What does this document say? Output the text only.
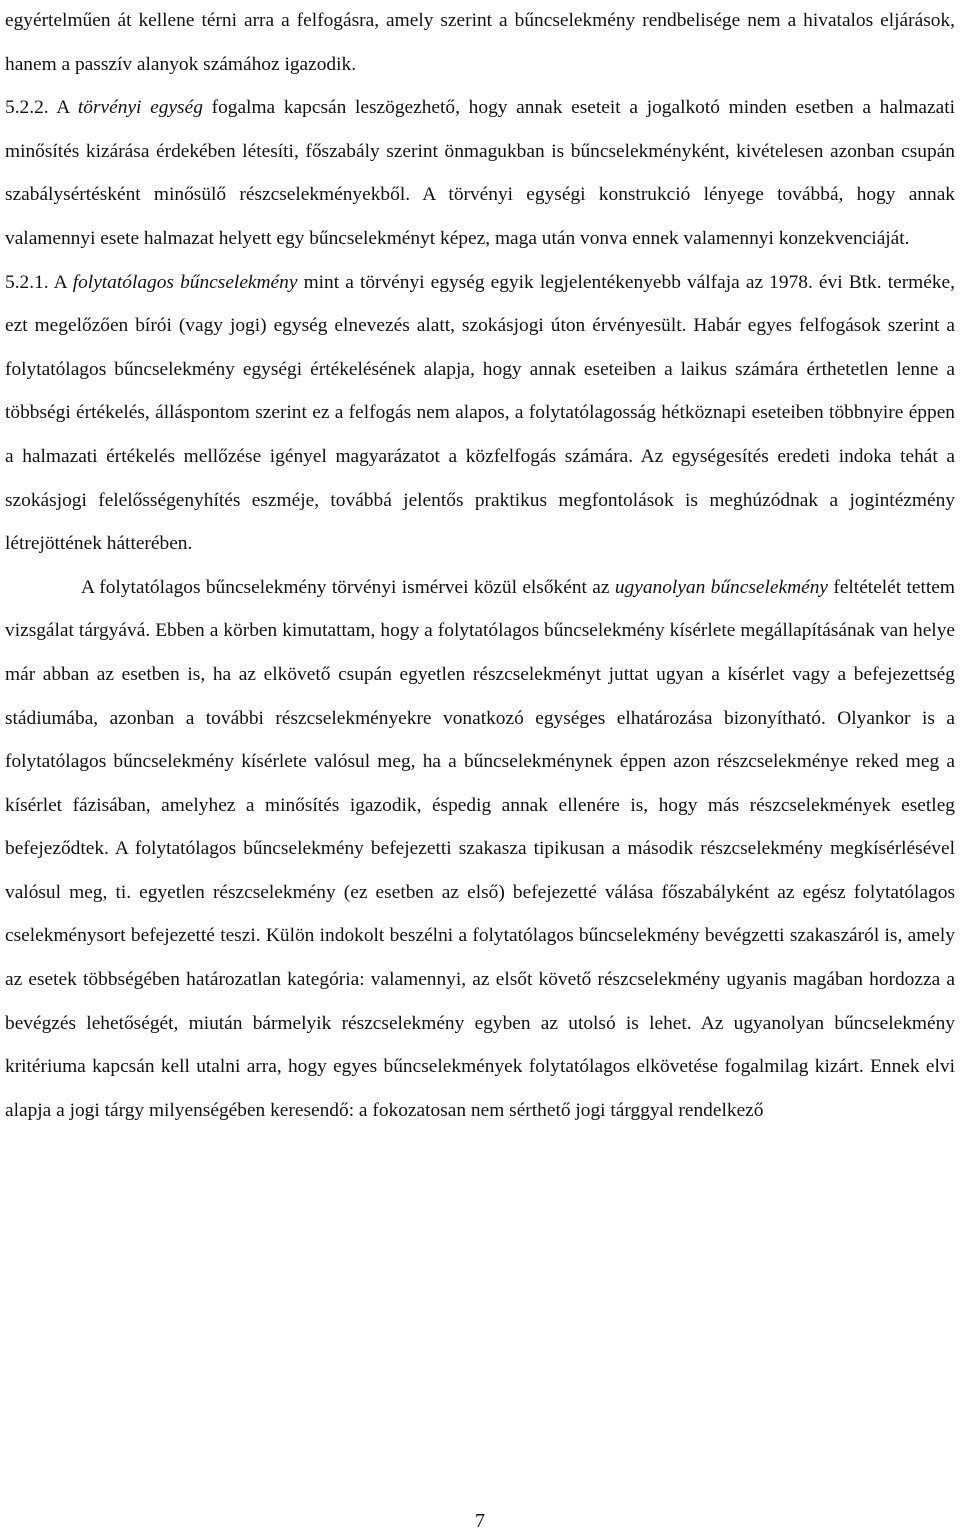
egyértelműen át kellene térni arra a felfogásra, amely szerint a bűncselekmény rendbelisége nem a hivatalos eljárások, hanem a passzív alanyok számához igazodik.

5.2.2. A törvényi egység fogalma kapcsán leszögezhető, hogy annak eseteit a jogalkotó minden esetben a halmazati minősítés kizárása érdekében létesíti, főszabály szerint önmagukban is bűncselekményként, kivételesen azonban csupán szabálysértésként minősülő részcselekményekből. A törvényi egységi konstrukció lényege továbbá, hogy annak valamennyi esete halmazat helyett egy bűncselekményt képez, maga után vonva ennek valamennyi konzekvenciáját.

5.2.1. A folytatólagos bűncselekmény mint a törvényi egység egyik legjelentékenyebb válfaja az 1978. évi Btk. terméke, ezt megelőzően bírói (vagy jogi) egység elnevezés alatt, szokásjogi úton érvényesült. Habár egyes felfogások szerint a folytatólagos bűncselekmény egységi értékelésének alapja, hogy annak eseteiben a laikus számára érthetetlen lenne a többségi értékelés, álláspontom szerint ez a felfogás nem alapos, a folytatólagosság hétköznapi eseteiben többnyire éppen a halmazati értékelés mellőzése igényel magyarázatot a közfelfogás számára. Az egységesítés eredeti indoka tehát a szokásjogi felelősségenyhítés eszméje, továbbá jelentős praktikus megfontolások is meghúzódnak a jogintézmény létrejöttének hátterében.

A folytatólagos bűncselekmény törvényi ismérvei közül elsőként az ugyanolyan bűncselekmény feltételét tettem vizsgálat tárgyává. Ebben a körben kimutattam, hogy a folytatólagos bűncselekmény kísérlete megállapításának van helye már abban az esetben is, ha az elkövető csupán egyetlen részcselekményt juttat ugyan a kísérlet vagy a befejezettség stádiumába, azonban a további részcselekményekre vonatkozó egységes elhatározása bizonyítható. Olyankor is a folytatólagos bűncselekmény kísérlete valósul meg, ha a bűncselekménynek éppen azon részcselekménye reked meg a kísérlet fázisában, amelyhez a minősítés igazodik, éspedig annak ellenére is, hogy más részcselekmények esetleg befejeződtek. A folytatólagos bűncselekmény befejezetti szakasza tipikusan a második részcselekmény megkísérlésével valósul meg, ti. egyetlen részcselekmény (ez esetben az első) befejezetté válása főszabályként az egész folytatólagos cselekménysort befejezetté teszi. Külön indokolt beszélni a folytatólagos bűncselekmény bevégzetti szakaszáról is, amely az esetek többségében határozatlan kategória: valamennyi, az elsőt követő részcselekmény ugyanis magában hordozza a bevégzés lehetőségét, miután bármelyik részcselekmény egyben az utolsó is lehet. Az ugyanolyan bűncselekmény kritériuma kapcsán kell utalni arra, hogy egyes bűncselekmények folytatólagos elkövetése fogalmilag kizárt. Ennek elvi alapja a jogi tárgy milyenségében keresendő: a fokozatosan nem sérthető jogi tárggyal rendelkező

7
